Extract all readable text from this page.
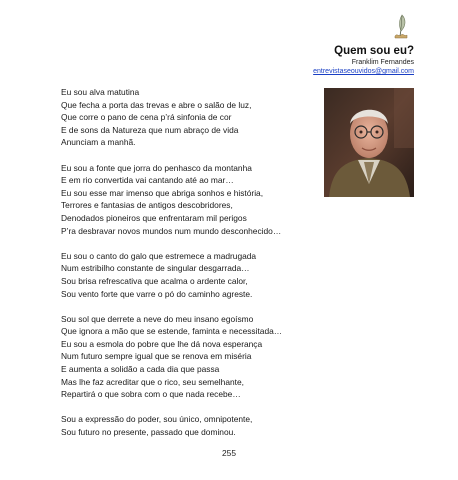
Quem sou eu?
Franklim Fernandes
entrevistaseouvidos@gmail.com
Eu sou alva matutina
Que fecha a porta das trevas e abre o salão de luz,
Que corre o pano de cena p’rá sinfonia de cor
E de sons da Natureza que num abraço de vida
Anunciam a manhã.
Eu sou a fonte que jorra do penhasco da montanha
E em rio convertida vai cantando até ao mar…
Eu sou esse mar imenso que abriga sonhos e história,
Terrores e fantasias de antigos descobridores,
Denodados pioneiros que enfrentaram mil perigos
P’ra desbravar novos mundos num mundo desconhecido…
Eu sou o canto do galo que estremece a madrugada
Num estribilho constante de singular desgarrada…
Sou brisa refrescativa que acalma o ardente calor,
Sou vento forte que varre o pó do caminho agreste.
Sou sol que derrete a neve do meu insano egoísmo
Que ignora a mão que se estende, faminta e necessitada…
Eu sou a esmola do pobre que lhe dá nova esperança
Num futuro sempre igual que se renova em miséria
E aumenta a solidão a cada dia que passa
Mas lhe faz acreditar que o rico, seu semelhante,
Repartirá o que sobra com o que nada recebe…
Sou a expressão do poder, sou único, omnipotente,
Sou futuro no presente, passado que dominou.
255
